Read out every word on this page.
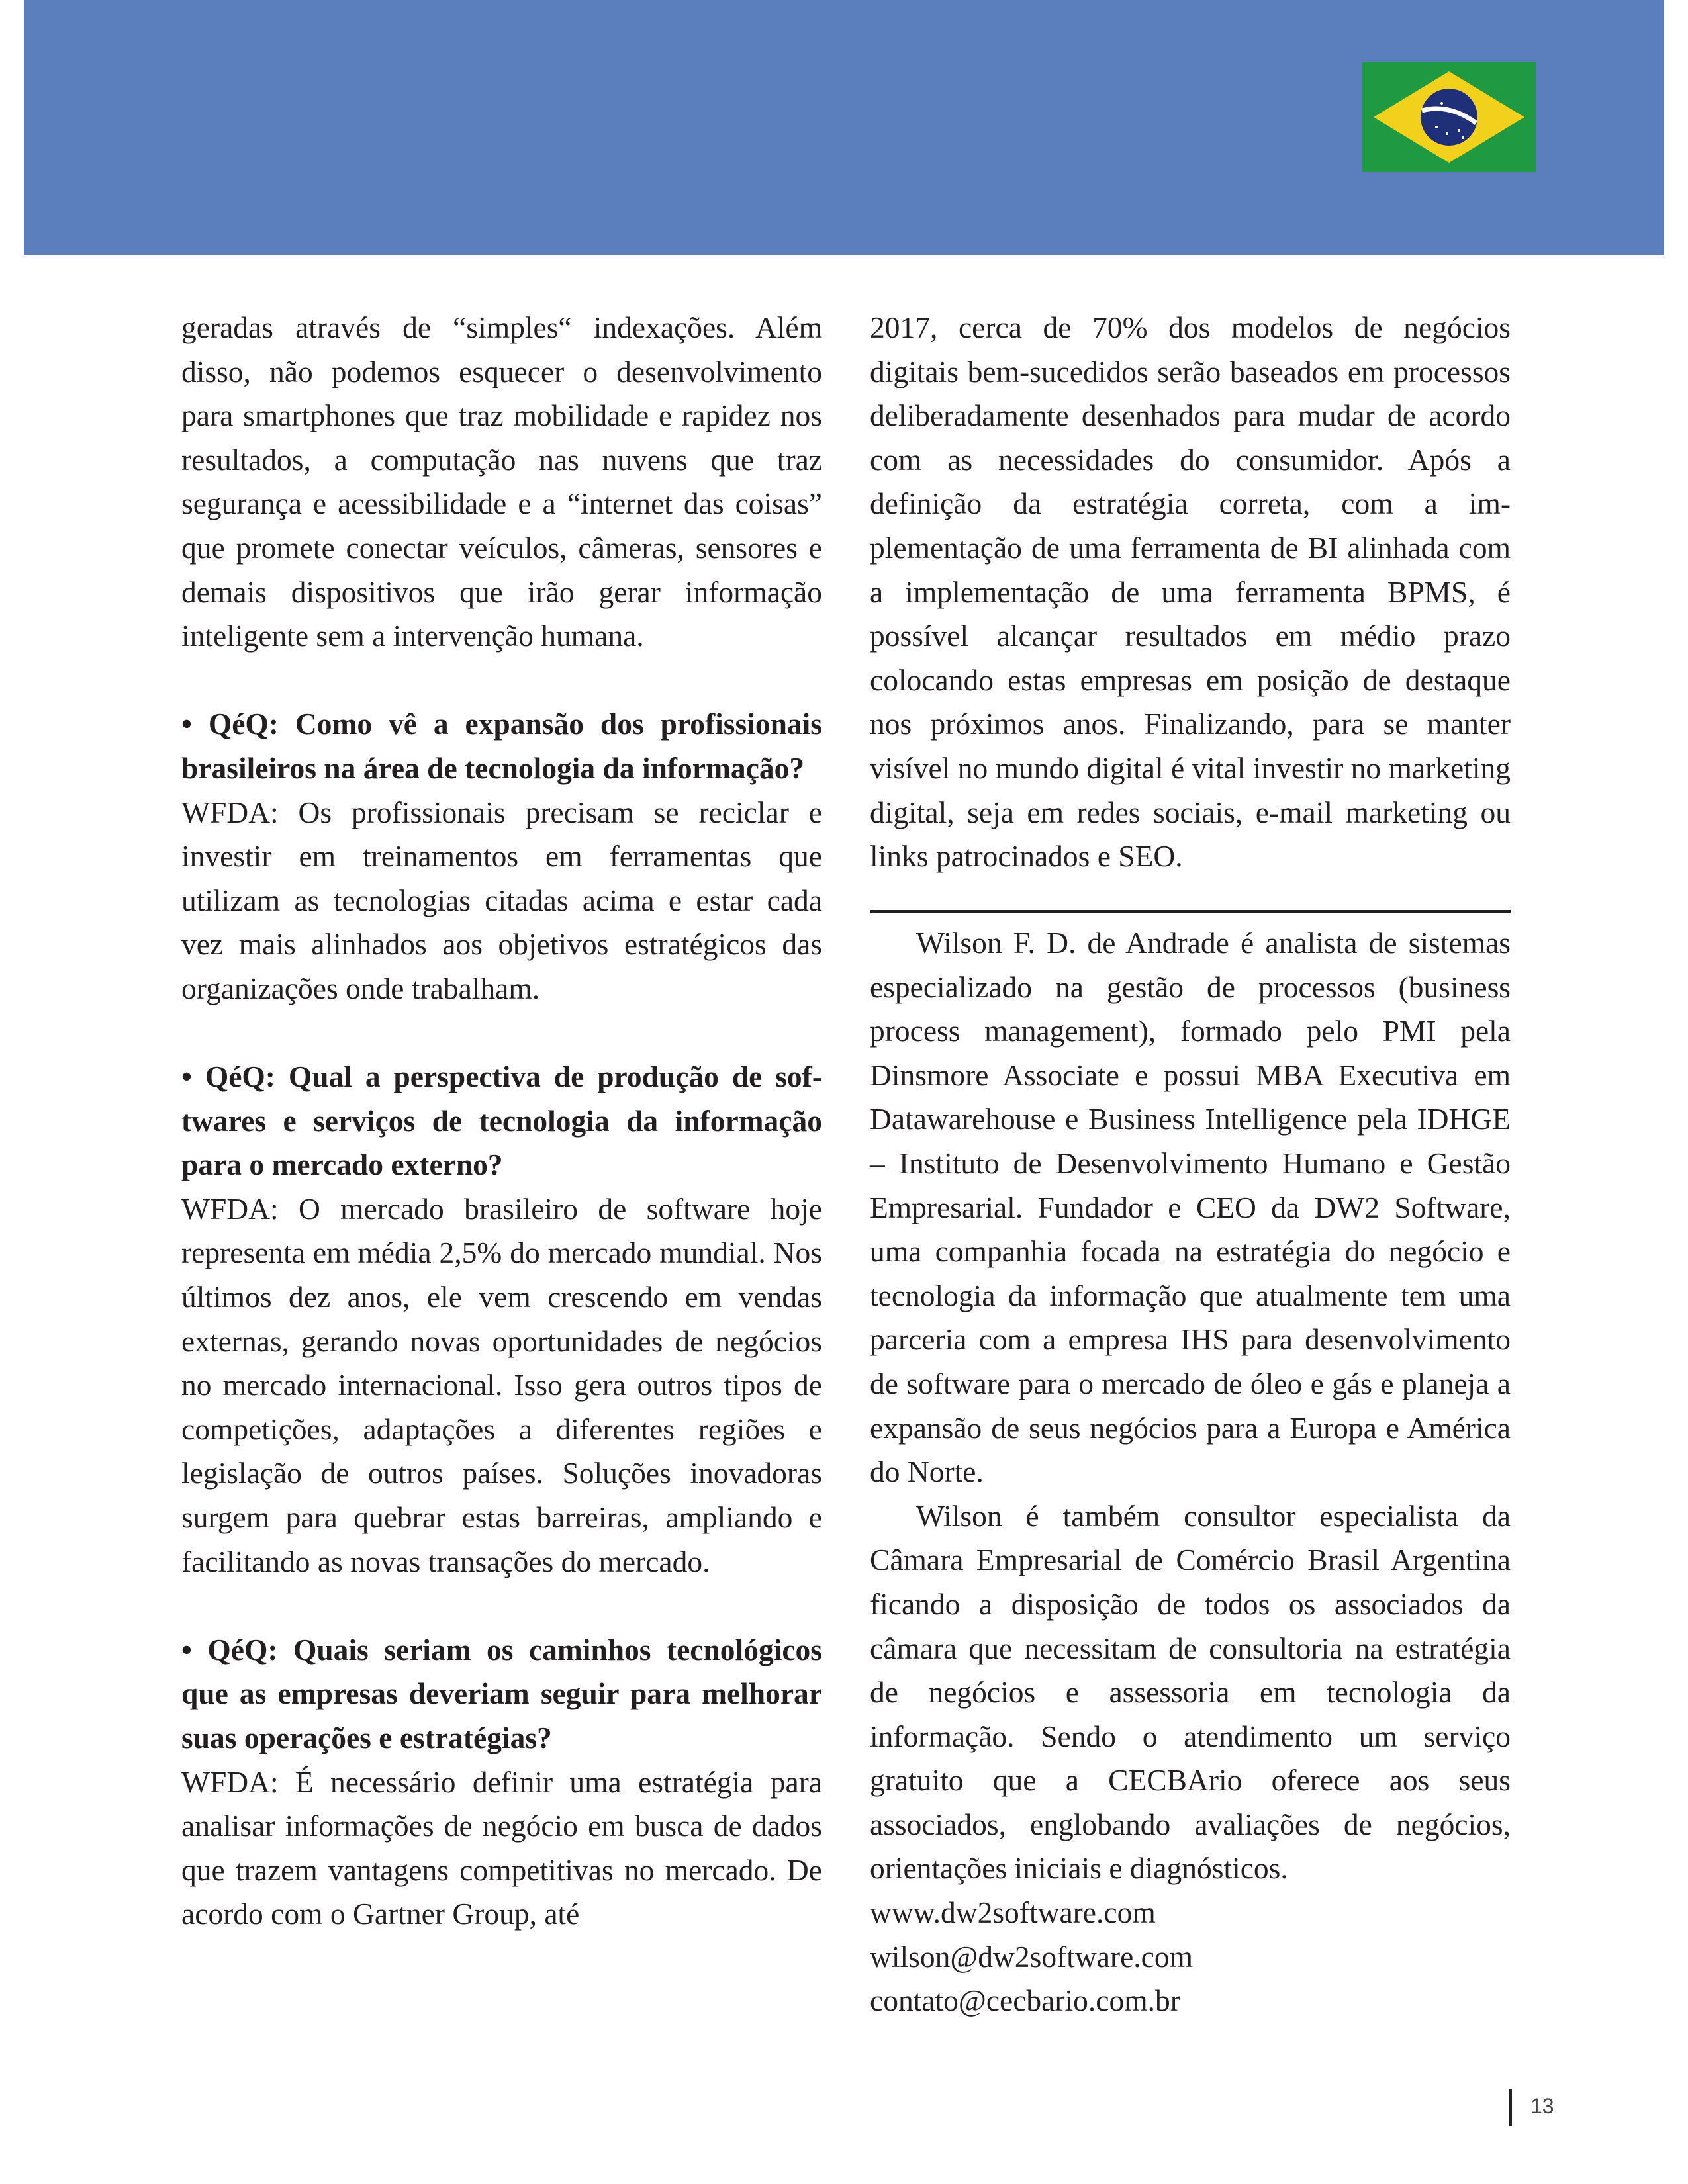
geradas através de “simples“ indexações. Além disso, não podemos esquecer o desenvolvimento para smartphones que traz mobilidade e rapidez nos resultados, a computação nas nuvens que traz segurança e acessibilidade e a “internet das coisas” que promete conectar veículos, câmeras, sensores e demais dispositivos que irão gerar informação inteligente sem a intervenção humana.

• QéQ: Como vê a expansão dos profissionais brasileiros na área de tecnologia da informação?

WFDA: Os profissionais precisam se reciclar e investir em treinamentos em ferramentas que utilizam as tecnologias citadas acima e estar cada vez mais alinhados aos objetivos estratégicos das organizações onde trabalham.

• QéQ: Qual a perspectiva de produção de softwares e serviços de tecnologia da informação para o mercado externo?

WFDA: O mercado brasileiro de software hoje representa em média 2,5% do mercado mundial. Nos últimos dez anos, ele vem crescendo em vendas externas, gerando novas oportunidades de negócios no mercado internacional. Isso gera outros tipos de competições, adaptações a diferentes regiões e legislação de outros países. Soluções inovadoras surgem para quebrar estas barreiras, ampliando e facilitando as novas transações do mercado.

• QéQ: Quais seriam os caminhos tecnológicos que as empresas deveriam seguir para melhorar suas operações e estratégias?

WFDA: É necessário definir uma estratégia para analisar informações de negócio em busca de dados que trazem vantagens competitivas no mercado. De acordo com o Gartner Group, até

2017, cerca de 70% dos modelos de negócios digitais bem-sucedidos serão baseados em processos deliberadamente desenhados para mudar de acordo com as necessidades do consumidor. Após a definição da estratégia correta, com a implementação de uma ferramenta de BI alinhada com a implementação de uma ferramenta BPMS, é possível alcançar resultados em médio prazo colocando estas empresas em posição de destaque nos próximos anos. Finalizando, para se manter visível no mundo digital é vital investir no marketing digital, seja em redes sociais, e-mail marketing ou links patrocinados e SEO.

Wilson F. D. de Andrade é analista de sistemas especializado na gestão de processos (business process management), formado pelo PMI pela Dinsmore Associate e possui MBA Executiva em Datawarehouse e Business Intelligence pela IDHGE – Instituto de Desenvolvimento Humano e Gestão Empresarial. Fundador e CEO da DW2 Software, uma companhia focada na estratégia do negócio e tecnologia da informação que atualmente tem uma parceria com a empresa IHS para desenvolvimento de software para o mercado de óleo e gás e planeja a expansão de seus negócios para a Europa e América do Norte.

Wilson é também consultor especialista da Câmara Empresarial de Comércio Brasil Argentina ficando a disposição de todos os associados da câmara que necessitam de consultoria na estratégia de negócios e assessoria em tecnologia da informação. Sendo o atendimento um serviço gratuito que a CECBArio oferece aos seus associados, englobando avaliações de negócios, orientações iniciais e diagnósticos.

www.dw2software.com

wilson@dw2software.com

contato@cecbario.com.br

13
